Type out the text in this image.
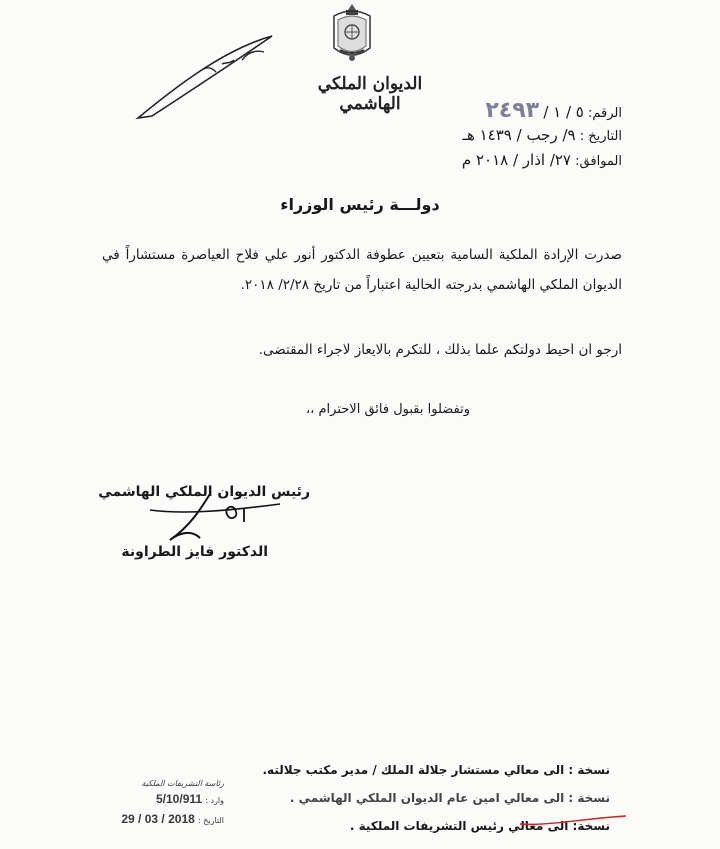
الديوان الملكي الهاشمي	الرقم: ٥ / ١ / ٢٤٩٣
التاريخ : ٩/ رجب / ١٤٣٩ هـ
الموافق: ٢٧/ اذار / ٢٠١٨ م
دولـــة رئيس الوزراء
صدرت الإرادة الملكية السامية بتعيين عطوفة الدكتور أنور علي فلاح العياصرة مستشاراً في الديوان الملكي الهاشمي بدرجته الحالية اعتباراً من تاريخ ٢/٢٨/ ٢٠١٨.
ارجو ان احيط دولتكم علما بذلك ، للتكرم بالايعاز لاجراء المقتضى.
وتفضلوا بقبول فائق الاحترام ،،
رئيس الديوان الملكي الهاشمي
الدكتور فايز الطراونة
نسخة : الى معالي مستشار جلالة الملك / مدير مكتب جلالته.
نسخة : الى معالي امين عام الديوان الملكي الهاشمي .
نسخة: الى معالي رئيس التشريفات الملكية .
رئاسة التشريفات الملكية
وارد : 5/10/911
التاريخ : 2018 / 03 / 29
